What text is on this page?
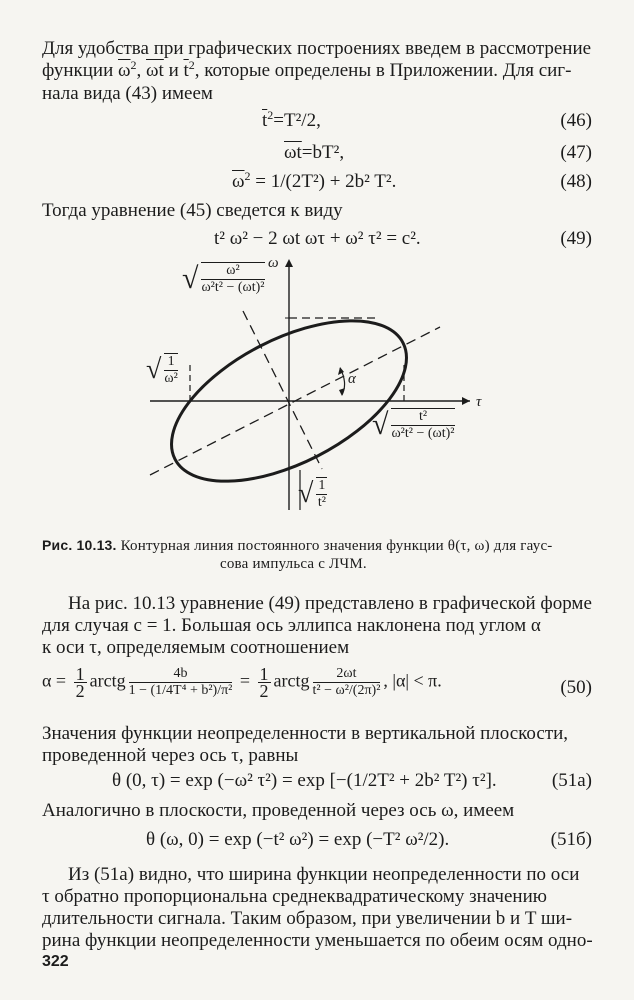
Для удобства при графических построениях введем в рассмотрение
функции $\overline{\omega}^2$, $\overline{\omega t}$ и $\overline{t}^2$, которые определены в Приложении. Для сиг-
нала вида (43) имеем
$\overline{t}^2=T^2/2$,	(46)
$\overline{\omega t}=bT^2$,	(47)
$\overline{\omega}^2 = 1/(2T^2) + 2b^2$ T².	(48)
Тогда уравнение (45) сведется к виду
t² ω² − 2 ωt ωτ + ω² τ² = c².	(49)
ω
τ
α
√ $\frac{\text{ω²}}{\text{ω²t² − (ωt)²}}$
√ $\frac{1}{\text{ω²}}$
√ $\frac{\text{t²}}{\text{ω²t² − (ωt)²}}$
√ $\frac{1}{\text{t²}}$
Рис. 10.13. Контурная линия постоянного значения функции θ(τ, ω) для гаус-
сова импульса с ЛЧМ.
На рис. 10.13 уравнение (49) представлено в графической форме
для случая c = 1. Большая ось эллипса наклонена под углом α
к оси τ, определяемым соотношением
$\alpha = \frac{1}{2}$ arctg $\frac{4b}{\text{1 − (1/4T⁴ + b²)/π²}} = \frac{1}{2}$ arctg $\frac{2\omega t}{\text{t² − ω²/(2π)²}}$ , |α| < π.	(50)
Значения функции неопределенности в вертикальной плоскости,
проведенной через ось τ, равны
θ (0, τ) = exp (−ω² τ²) = exp [−(1/2T² + 2b² T²) τ²].	(51a)
Аналогично в плоскости, проведенной через ось ω, имеем
θ (ω, 0) = exp (−t² ω²) = exp (−T² ω²/2).	(51б)
Из (51a) видно, что ширина функции неопределенности по оси
τ обратно пропорциональна среднеквадратическому значению
длительности сигнала. Таким образом, при увеличении b и T ши-
рина функции неопределенности уменьшается по обеим осям одно-
322
